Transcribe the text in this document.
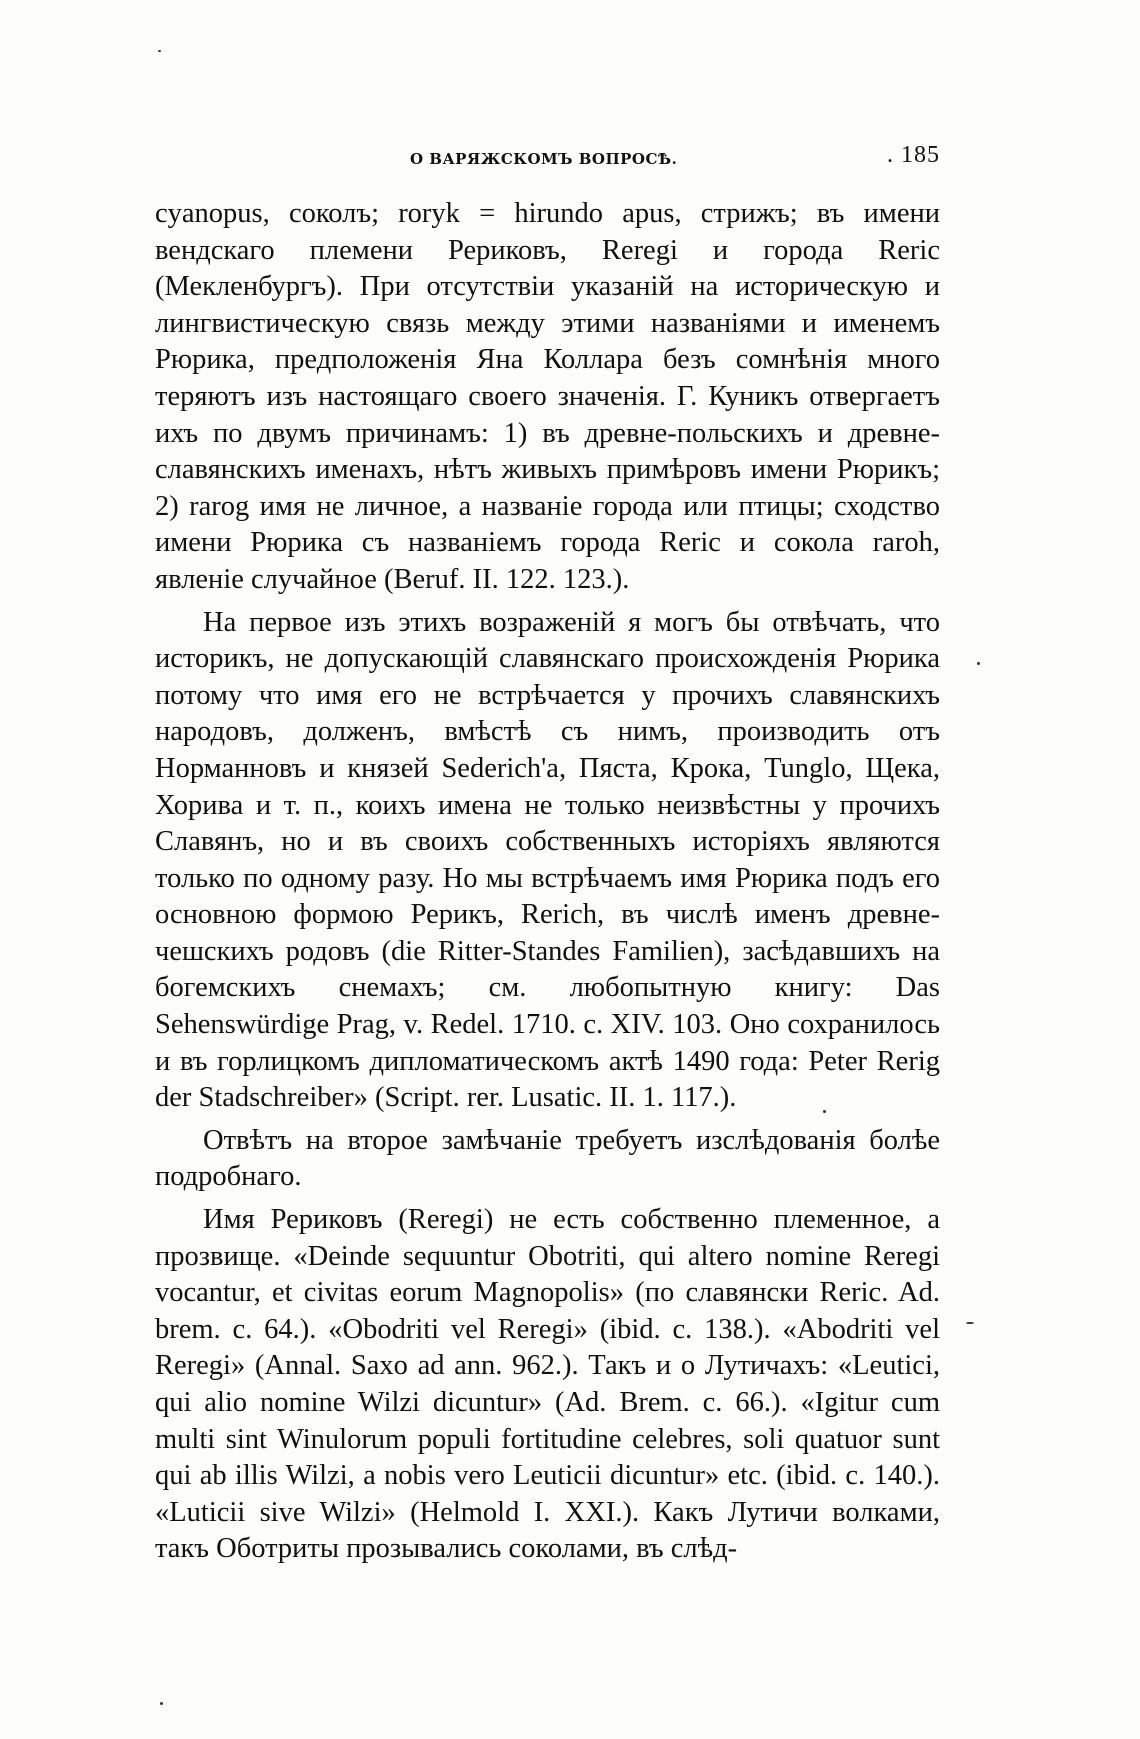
О ВАРЯЖСКОМЪ ВОПРОСѢ.	. 185

cyanopus, соколъ; roryk = hirundo apus, стрижъ; въ имени вендскаго племени Рериковъ, Reregi и города Reric (Мекленбургъ). При отсутствіи указаній на историческую и лингвистическую связь между этими названіями и именемъ Рюрика, предположенія Яна Коллара безъ сомнѣнія много теряютъ изъ настоящаго своего значенія. Г. Куникъ отвергаетъ ихъ по двумъ причинамъ: 1) въ древне-польскихъ и древне-славянскихъ именахъ, нѣтъ живыхъ примѣровъ имени Рюрикъ; 2) rarog имя не личное, а названіе города или птицы; сходство имени Рюрика съ названіемъ города Reric и сокола raroh, явленіе случайное (Beruf. II. 122. 123.).

На первое изъ этихъ возраженій я могъ бы отвѣчать, что историкъ, не допускающій славянскаго происхожденія Рюрика потому что имя его не встрѣчается у прочихъ славянскихъ народовъ, долженъ, вмѣстѣ съ нимъ, производить отъ Норманновъ и князей Sederich'а, Пяста, Крока, Tunglo, Щека, Хорива и т. п., коихъ имена не только неизвѣстны у прочихъ Славянъ, но и въ своихъ собственныхъ исторіяхъ являются только по одному разу. Но мы встрѣчаемъ имя Рюрика подъ его основною формою Рерикъ, Rerich, въ числѣ именъ древне-чешскихъ родовъ (die Ritter-Standes Familien), засѣдавшихъ на богемскихъ снемахъ; см. любопытную книгу: Das Sehenswürdige Prag, v. Redel. 1710. c. XIV. 103. Оно сохранилось и въ горлицкомъ дипломатическомъ актѣ 1490 года: Peter Rerig der Stadschreiber» (Script. rer. Lusatic. II. 1. 117.).

Отвѣтъ на второе замѣчаніе требуетъ изслѣдованія болѣе подробнаго.

Имя Рериковъ (Reregi) не есть собственно племенное, а прозвище. «Deinde sequuntur Obotriti, qui altero nomine Reregi vocantur, et civitas eorum Magnopolis» (по славянски Reric. Ad. brem. c. 64.). «Obodriti vel Reregi» (ibid. c. 138.). «Abodriti vel Reregi» (Annal. Saxo ad ann. 962.). Такъ и о Лутичахъ: «Leuticі, qui alio nomine Wilzi dicuntur» (Ad. Brem. c. 66.). «Igitur cum multi sint Winulorum populi fortitudine celebres, soli quatuor sunt qui ab illis Wilzi, a nobis vero Leuticii dicuntur» etc. (ibid. c. 140.). «Luticii sive Wilzi» (Helmold I. XXI.). Какъ Лутичи волками, такъ Оботриты прозывались соколами, въ слѣд-
